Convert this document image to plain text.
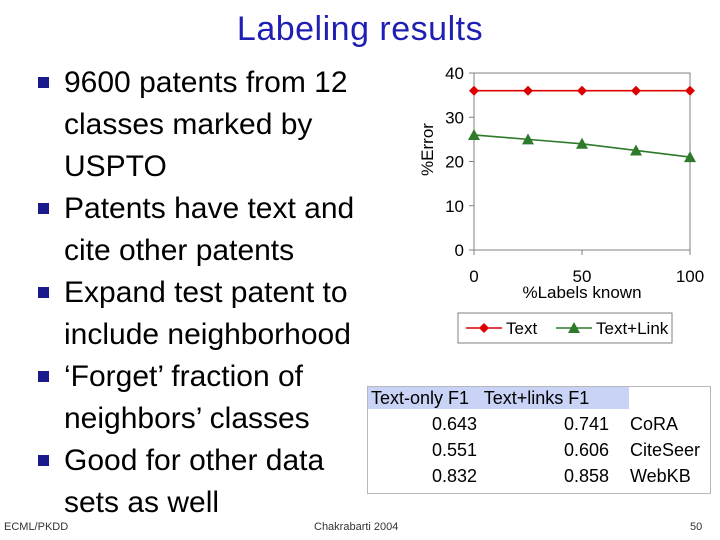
Labeling results
9600 patents from 12 classes marked by USPTO
Patents have text and cite other patents
Expand test patent to include neighborhood
‘Forget’ fraction of neighbors’ classes
Good for other data sets as well
0
10
20
30
40
0	50	100
%Labels known
%Error
Text	Text+Link
Text-only F1   Text+links F1
0.643	0.741 CoRA
0.551	0.606 CiteSeer
0.832	0.858 WebKB
ECML/PKDD	Chakrabarti 2004	50
